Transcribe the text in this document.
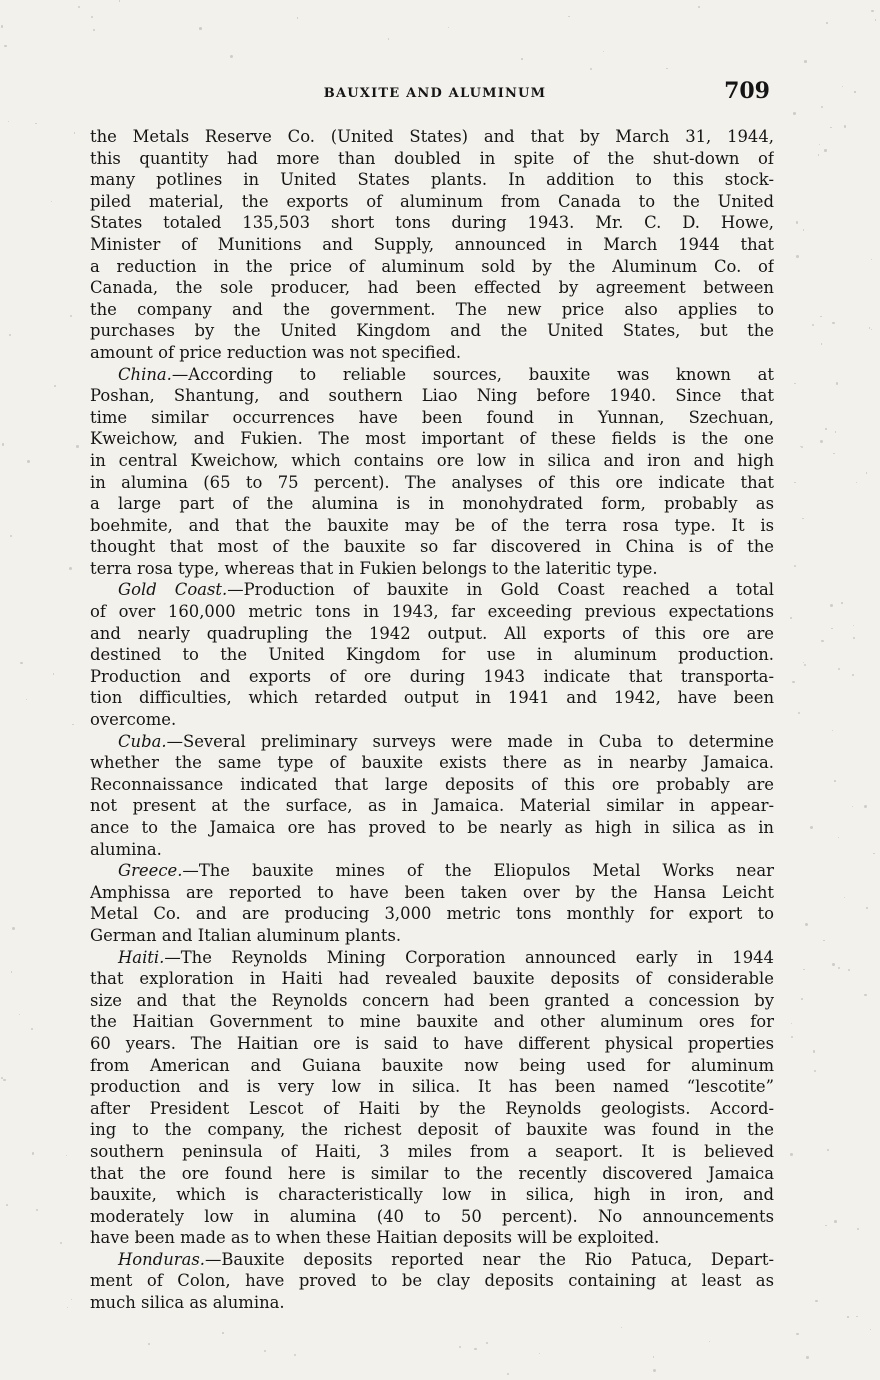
BAUXITE AND ALUMINUM	709
the Metals Reserve Co. (United States) and that by March 31, 1944,
this quantity had more than doubled in spite of the shut-down of
many potlines in United States plants. In addition to this stock-
piled material, the exports of aluminum from Canada to the United
States totaled 135,503 short tons during 1943. Mr. C. D. Howe,
Minister of Munitions and Supply, announced in March 1944 that
a reduction in the price of aluminum sold by the Aluminum Co. of
Canada, the sole producer, had been effected by agreement between
the company and the government. The new price also applies to
purchases by the United Kingdom and the United States, but the
amount of price reduction was not specified.
China.—According to reliable sources, bauxite was known at
Poshan, Shantung, and southern Liao Ning before 1940. Since that
time similar occurrences have been found in Yunnan, Szechuan,
Kweichow, and Fukien. The most important of these fields is the one
in central Kweichow, which contains ore low in silica and iron and high
in alumina (65 to 75 percent). The analyses of this ore indicate that
a large part of the alumina is in monohydrated form, probably as
boehmite, and that the bauxite may be of the terra rosa type. It is
thought that most of the bauxite so far discovered in China is of the
terra rosa type, whereas that in Fukien belongs to the lateritic type.
Gold Coast.—Production of bauxite in Gold Coast reached a total
of over 160,000 metric tons in 1943, far exceeding previous expectations
and nearly quadrupling the 1942 output. All exports of this ore are
destined to the United Kingdom for use in aluminum production.
Production and exports of ore during 1943 indicate that transporta-
tion difficulties, which retarded output in 1941 and 1942, have been
overcome.
Cuba.—Several preliminary surveys were made in Cuba to determine
whether the same type of bauxite exists there as in nearby Jamaica.
Reconnaissance indicated that large deposits of this ore probably are
not present at the surface, as in Jamaica. Material similar in appear-
ance to the Jamaica ore has proved to be nearly as high in silica as in
alumina.
Greece.—The bauxite mines of the Eliopulos Metal Works near
Amphissa are reported to have been taken over by the Hansa Leicht
Metal Co. and are producing 3,000 metric tons monthly for export to
German and Italian aluminum plants.
Haiti.—The Reynolds Mining Corporation announced early in 1944
that exploration in Haiti had revealed bauxite deposits of considerable
size and that the Reynolds concern had been granted a concession by
the Haitian Government to mine bauxite and other aluminum ores for
60 years. The Haitian ore is said to have different physical properties
from American and Guiana bauxite now being used for aluminum
production and is very low in silica. It has been named “lescotite”
after President Lescot of Haiti by the Reynolds geologists. Accord-
ing to the company, the richest deposit of bauxite was found in the
southern peninsula of Haiti, 3 miles from a seaport. It is believed
that the ore found here is similar to the recently discovered Jamaica
bauxite, which is characteristically low in silica, high in iron, and
moderately low in alumina (40 to 50 percent). No announcements
have been made as to when these Haitian deposits will be exploited.
Honduras.—Bauxite deposits reported near the Rio Patuca, Depart-
ment of Colon, have proved to be clay deposits containing at least as
much silica as alumina.
